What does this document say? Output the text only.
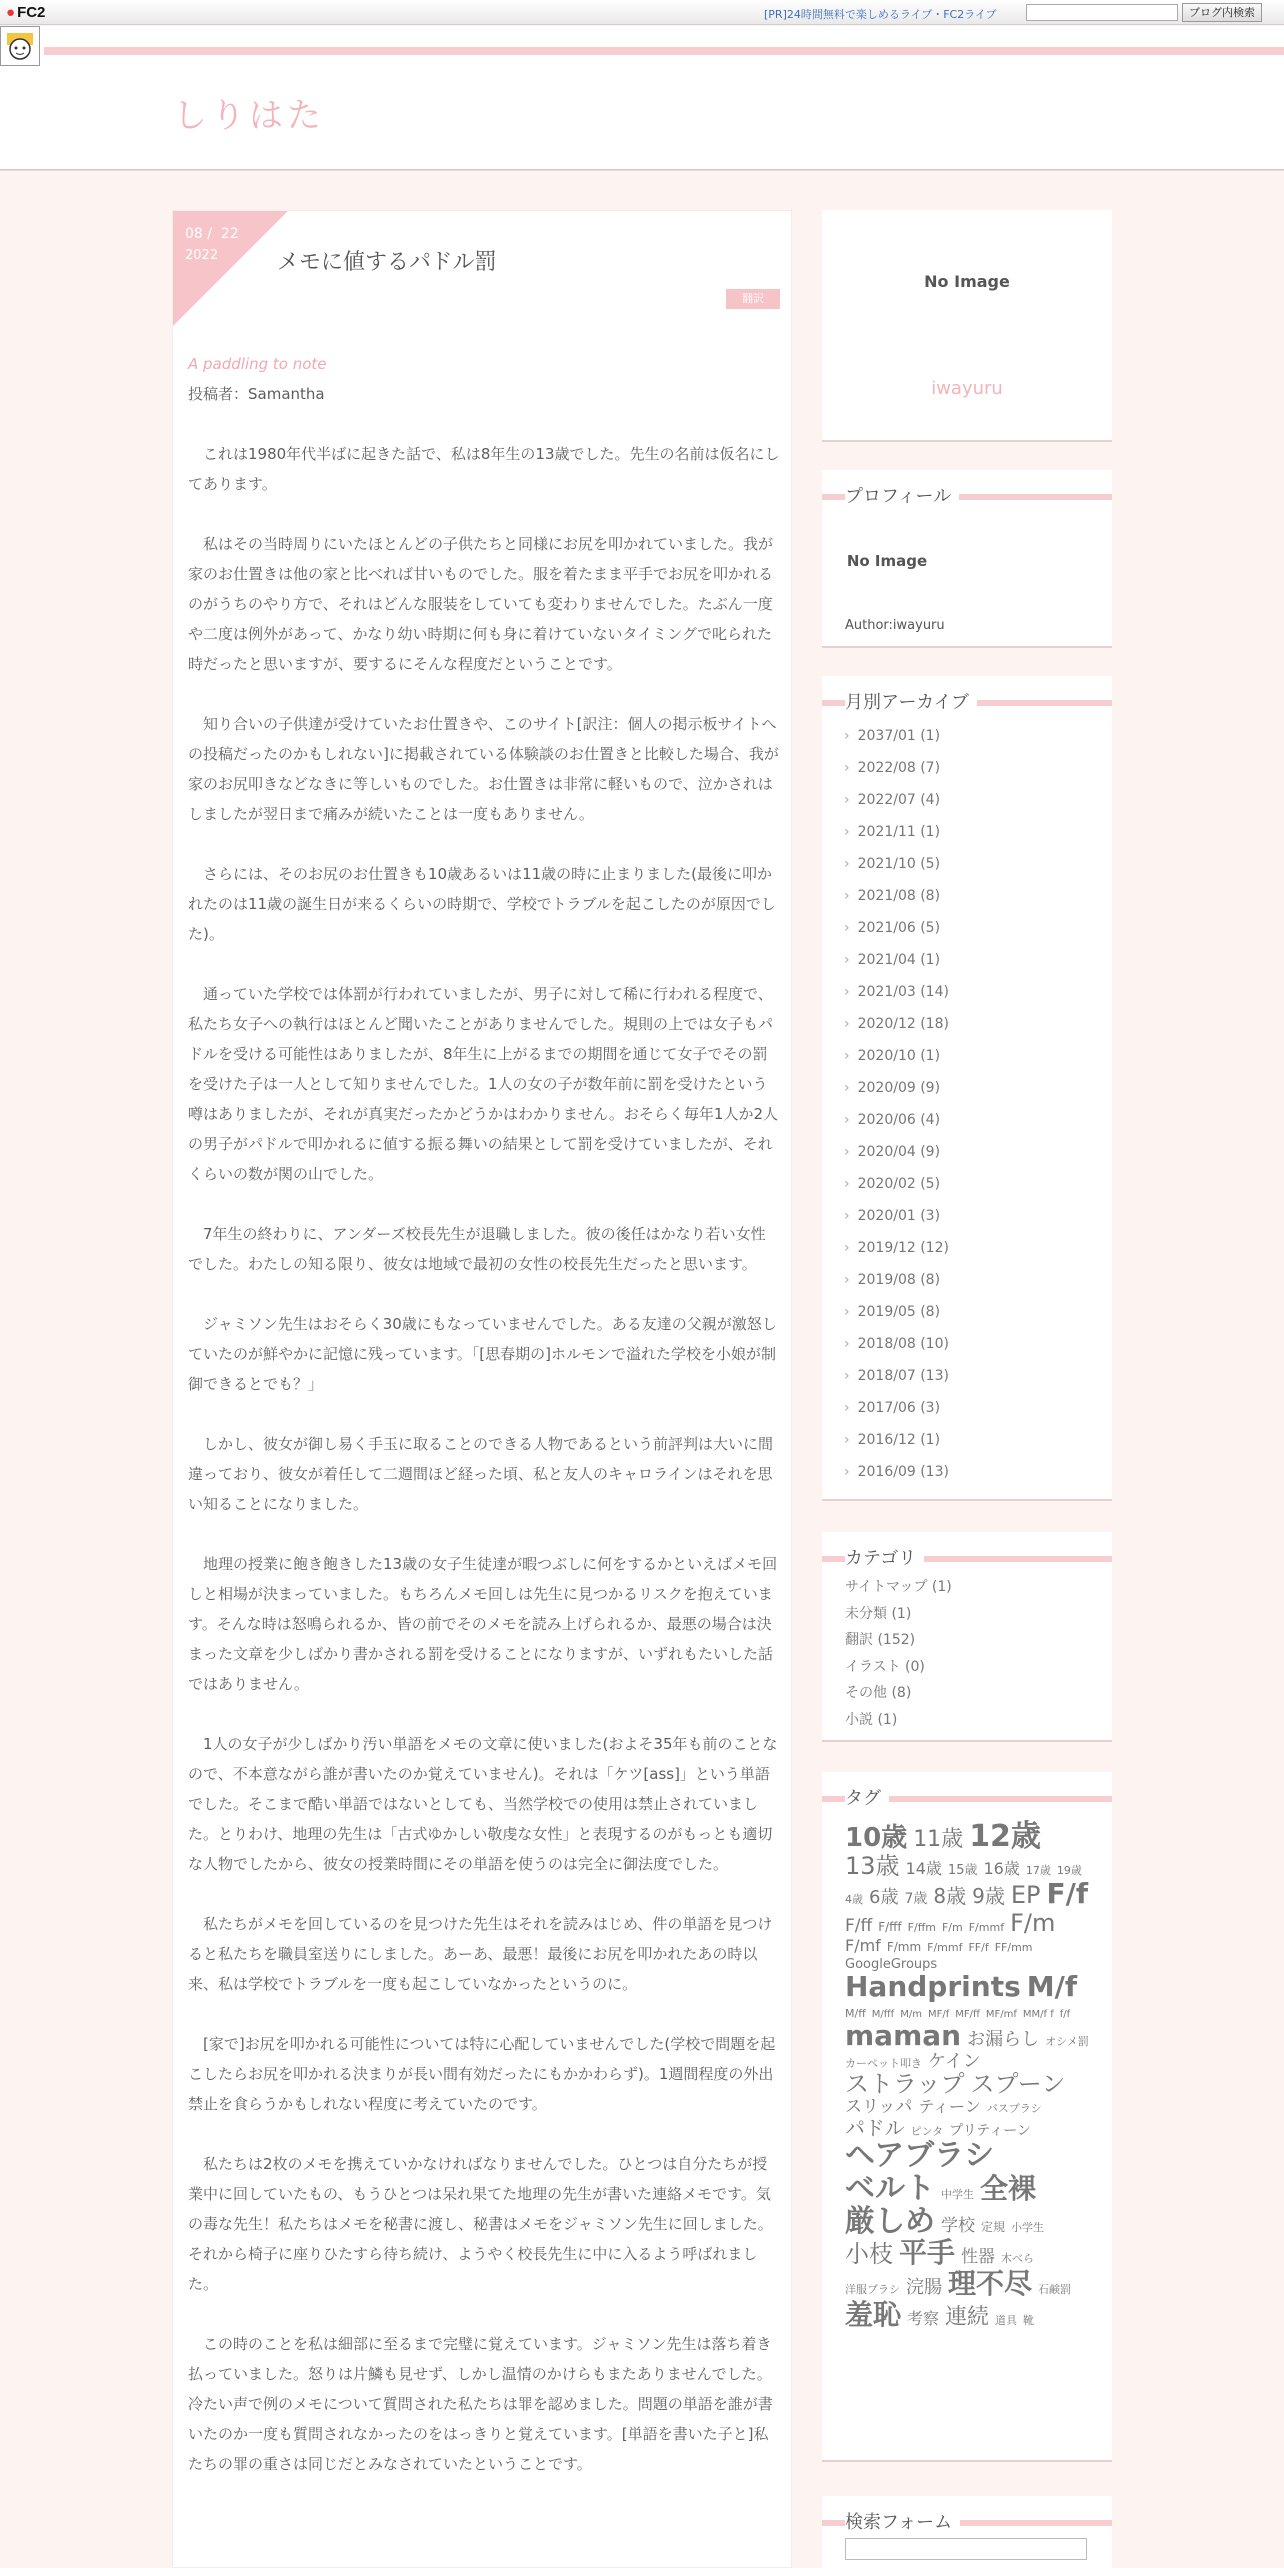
● FC2	[PR]24時間無料で楽しめるライブ・FC2ライブ	ブログ内検索
しりはた
08 / 22
2022	メモに値するパドル罰
翻訳
A paddling to note

投稿者：Samantha

これは1980年代半ばに起きた話で、私は8年生の13歳でした。先生の名前は仮名にしてあります。

私はその当時周りにいたほとんどの子供たちと同様にお尻を叩かれていました。我が家のお仕置きは他の家と比べれば甘いものでした。服を着たまま平手でお尻を叩かれるのがうちのやり方で、それはどんな服装をしていても変わりませんでした。たぶん一度や二度は例外があって、かなり幼い時期に何も身に着けていないタイミングで叱られた時だったと思いますが、要するにそんな程度だということです。

知り合いの子供達が受けていたお仕置きや、このサイト[訳注：個人の掲示板サイトへの投稿だったのかもしれない]に掲載されている体験談のお仕置きと比較した場合、我が家のお尻叩きなどなきに等しいものでした。お仕置きは非常に軽いもので、泣かされはしましたが翌日まで痛みが続いたことは一度もありません。

さらには、そのお尻のお仕置きも10歳あるいは11歳の時に止まりました(最後に叩かれたのは11歳の誕生日が来るくらいの時期で、学校でトラブルを起こしたのが原因でした)。

通っていた学校では体罰が行われていましたが、男子に対して稀に行われる程度で、私たち女子への執行はほとんど聞いたことがありませんでした。規則の上では女子もパドルを受ける可能性はありましたが、8年生に上がるまでの期間を通じて女子でその罰を受けた子は一人として知りませんでした。1人の女の子が数年前に罰を受けたという噂はありましたが、それが真実だったかどうかはわかりません。おそらく毎年1人か2人の男子がパドルで叩かれるに値する振る舞いの結果として罰を受けていましたが、それくらいの数が関の山でした。

7年生の終わりに、アンダーズ校長先生が退職しました。彼の後任はかなり若い女性でした。わたしの知る限り、彼女は地域で最初の女性の校長先生だったと思います。

ジャミソン先生はおそらく30歳にもなっていませんでした。ある友達の父親が激怒していたのが鮮やかに記憶に残っています。「[思春期の]ホルモンで溢れた学校を小娘が制御できるとでも？」

しかし、彼女が御し易く手玉に取ることのできる人物であるという前評判は大いに間違っており、彼女が着任して二週間ほど経った頃、私と友人のキャロラインはそれを思い知ることになりました。

地理の授業に飽き飽きした13歳の女子生徒達が暇つぶしに何をするかといえばメモ回しと相場が決まっていました。もちろんメモ回しは先生に見つかるリスクを抱えています。そんな時は怒鳴られるか、皆の前でそのメモを読み上げられるか、最悪の場合は決まった文章を少しばかり書かされる罰を受けることになりますが、いずれもたいした話ではありません。

1人の女子が少しばかり汚い単語をメモの文章に使いました(およそ35年も前のことなので、不本意ながら誰が書いたのか覚えていません)。それは「ケツ[ass]」という単語でした。そこまで酷い単語ではないとしても、当然学校での使用は禁止されていました。とりわけ、地理の先生は「古式ゆかしい敬虔な女性」と表現するのがもっとも適切な人物でしたから、彼女の授業時間にその単語を使うのは完全に御法度でした。

私たちがメモを回しているのを見つけた先生はそれを読みはじめ、件の単語を見つけると私たちを職員室送りにしました。あーあ、最悪！最後にお尻を叩かれたあの時以来、私は学校でトラブルを一度も起こしていなかったというのに。

[家で]お尻を叩かれる可能性については特に心配していませんでした(学校で問題を起こしたらお尻を叩かれる決まりが長い間有効だったにもかかわらず)。1週間程度の外出禁止を食らうかもしれない程度に考えていたのです。

私たちは2枚のメモを携えていかなければなりませんでした。ひとつは自分たちが授業中に回していたもの、もうひとつは呆れ果てた地理の先生が書いた連絡メモです。気の毒な先生！私たちはメモを秘書に渡し、秘書はメモをジャミソン先生に回しました。それから椅子に座りひたすら待ち続け、ようやく校長先生に中に入るよう呼ばれました。

この時のことを私は細部に至るまで完璧に覚えています。ジャミソン先生は落ち着き払っていました。怒りは片鱗も見せず、しかし温情のかけらもまたありませんでした。冷たい声で例のメモについて質問された私たちは罪を認めました。問題の単語を誰が書いたのか一度も質問されなかったのをはっきりと覚えています。[単語を書いた子と]私たちの罪の重さは同じだとみなされていたということです。

No Image
iwayuru
プロフィール
No Image
Author:iwayuru
月別アーカイブ
› 2037/01 (1)
› 2022/08 (7)
› 2022/07 (4)
› 2021/11 (1)
› 2021/10 (5)
› 2021/08 (8)
› 2021/06 (5)
› 2021/04 (1)
› 2021/03 (14)
› 2020/12 (18)
› 2020/10 (1)
› 2020/09 (9)
› 2020/06 (4)
› 2020/04 (9)
› 2020/02 (5)
› 2020/01 (3)
› 2019/12 (12)
› 2019/08 (8)
› 2019/05 (8)
› 2018/08 (10)
› 2018/07 (13)
› 2017/06 (3)
› 2016/12 (1)
› 2016/09 (13)
カテゴリ
サイトマップ (1)
未分類 (1)
翻訳 (152)
イラスト (0)
その他 (8)
小説 (1)
タグ
10歳 11歳 12歳13歳 14歳 15歳 16歳 17歳 19歳4歳 6歳 7歳 8歳 9歳 EP F/fF/ff F/fff F/ffm F/m F/mmf F/mF/mf F/mm F/mmf FF/f FF/mmGoogleGroupsHandprints M/fM/ff M/fff M/m MF/f MF/ff MF/mf MM/f f f/fmaman お漏らし オシメ罰カーペット叩き ケインストラップ スプーンスリッパ ティーン バスブラシパドル ピンタ プリティーンヘアブラシベルト 中学生 全裸厳しめ 学校 定規 小学生小枝 平手 性器 木べら洋服ブラシ 浣腸 理不尽 石鹸罰羞恥 考察 連続 道具 靴
検索フォーム
